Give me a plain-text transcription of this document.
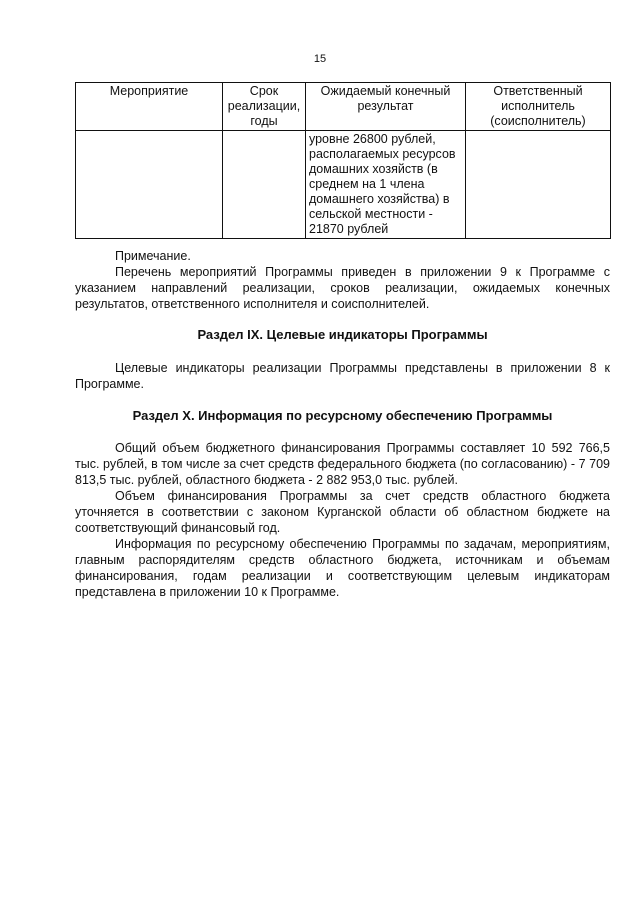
15
Мероприятие	Срок реализации, годы	Ожидаемый конечный результат	Ответственный исполнитель (соисполнитель)
		уровне 26800 рублей, располагаемых ресурсов домашних хозяйств (в среднем на 1 члена домашнего хозяйства) в сельской местности - 21870 рублей	

Примечание.

Перечень мероприятий Программы приведен в приложении 9 к Программе с указанием направлений реализации, сроков реализации, ожидаемых конечных результатов, ответственного исполнителя и соисполнителей.

Раздел IX. Целевые индикаторы Программы

Целевые индикаторы реализации Программы представлены в приложении 8 к Программе.

Раздел X. Информация по ресурсному обеспечению Программы

Общий объем бюджетного финансирования Программы составляет 10 592 766,5 тыс. рублей, в том числе за счет средств федерального бюджета (по согласованию) - 7 709 813,5 тыс. рублей, областного бюджета - 2 882 953,0 тыс. рублей.

Объем финансирования Программы за счет средств областного бюджета уточняется в соответствии с законом Курганской области об областном бюджете на соответствующий финансовый год.

Информация по ресурсному обеспечению Программы по задачам, мероприятиям, главным распорядителям средств областного бюджета, источникам и объемам финансирования, годам реализации и соответствующим целевым индикаторам представлена в приложении 10 к Программе.
